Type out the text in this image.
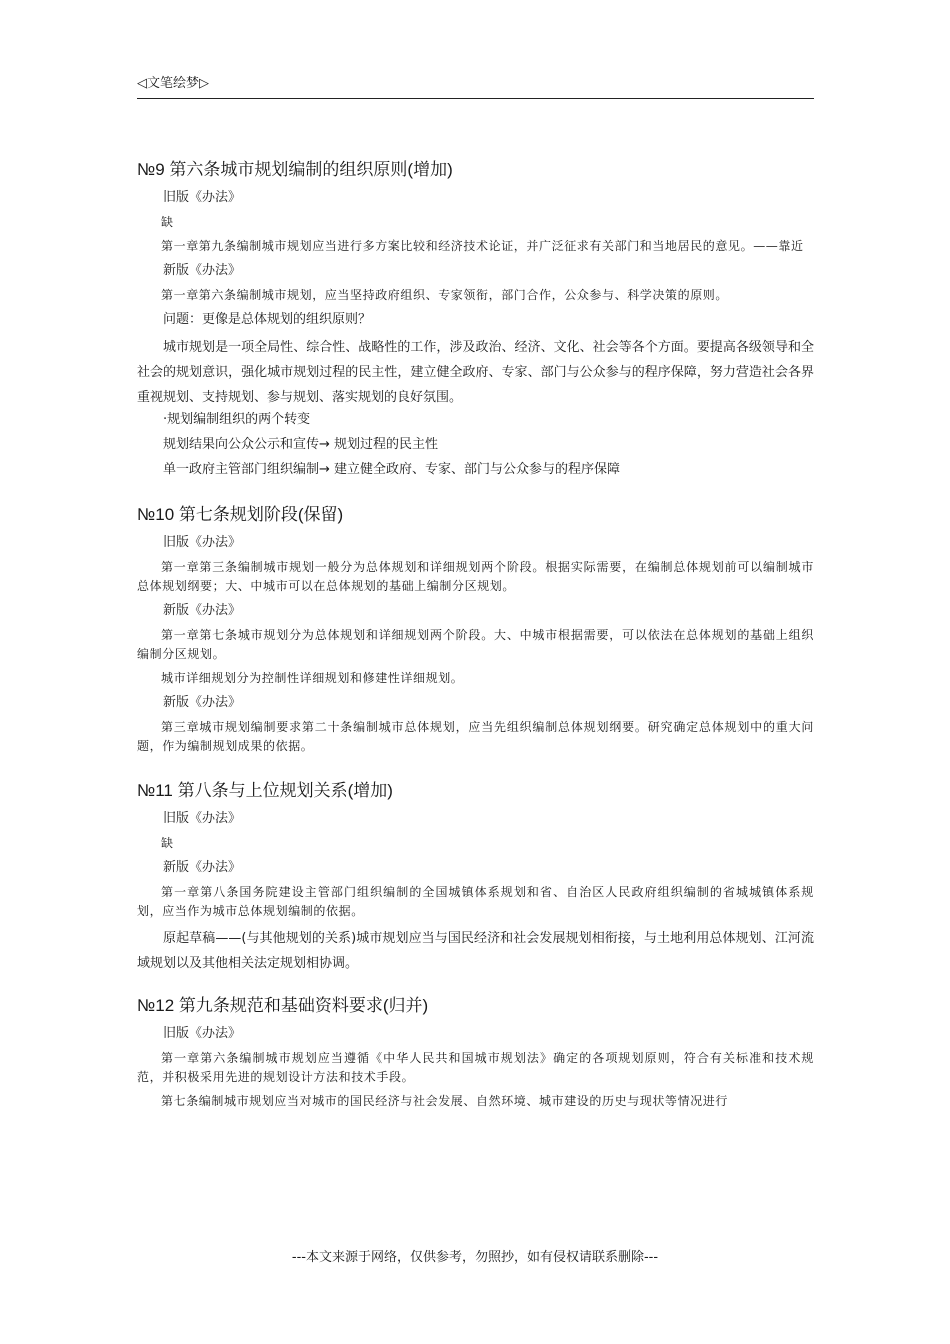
◁文笔绘梦▷
№9 第六条城市规划编制的组织原则(增加)
旧版《办法》
缺
第一章第九条编制城市规划应当进行多方案比较和经济技术论证，并广泛征求有关部门和当地居民的意见。——靠近
新版《办法》
第一章第六条编制城市规划，应当坚持政府组织、专家领衔，部门合作，公众参与、科学决策的原则。
问题：更像是总体规划的组织原则？
城市规划是一项全局性、综合性、战略性的工作，涉及政治、经济、文化、社会等各个方面。要提高各级领导和全社会的规划意识，强化城市规划过程的民主性，建立健全政府、专家、部门与公众参与的程序保障，努力营造社会各界重视规划、支持规划、参与规划、落实规划的良好氛围。
·规划编制组织的两个转变
规划结果向公众公示和宣传→ 规划过程的民主性
单一政府主管部门组织编制→ 建立健全政府、专家、部门与公众参与的程序保障
№10 第七条规划阶段(保留)
旧版《办法》
第一章第三条编制城市规划一般分为总体规划和详细规划两个阶段。根据实际需要，在编制总体规划前可以编制城市总体规划纲要；大、中城市可以在总体规划的基础上编制分区规划。
新版《办法》
第一章第七条城市规划分为总体规划和详细规划两个阶段。大、中城市根据需要，可以依法在总体规划的基础上组织编制分区规划。
城市详细规划分为控制性详细规划和修建性详细规划。
新版《办法》
第三章城市规划编制要求第二十条编制城市总体规划，应当先组织编制总体规划纲要。研究确定总体规划中的重大问题，作为编制规划成果的依据。
№11 第八条与上位规划关系(增加)
旧版《办法》
缺
新版《办法》
第一章第八条国务院建设主管部门组织编制的全国城镇体系规划和省、自治区人民政府组织编制的省城城镇体系规划，应当作为城市总体规划编制的依据。
原起草稿——(与其他规划的关系)城市规划应当与国民经济和社会发展规划相衔接，与土地利用总体规划、江河流域规划以及其他相关法定规划相协调。
№12 第九条规范和基础资料要求(归并)
旧版《办法》
第一章第六条编制城市规划应当遵循《中华人民共和国城市规划法》确定的各项规划原则，符合有关标准和技术规范，并积极采用先进的规划设计方法和技术手段。
第七条编制城市规划应当对城市的国民经济与社会发展、自然环境、城市建设的历史与现状等情况进行
---本文来源于网络，仅供参考，勿照抄，如有侵权请联系删除---
